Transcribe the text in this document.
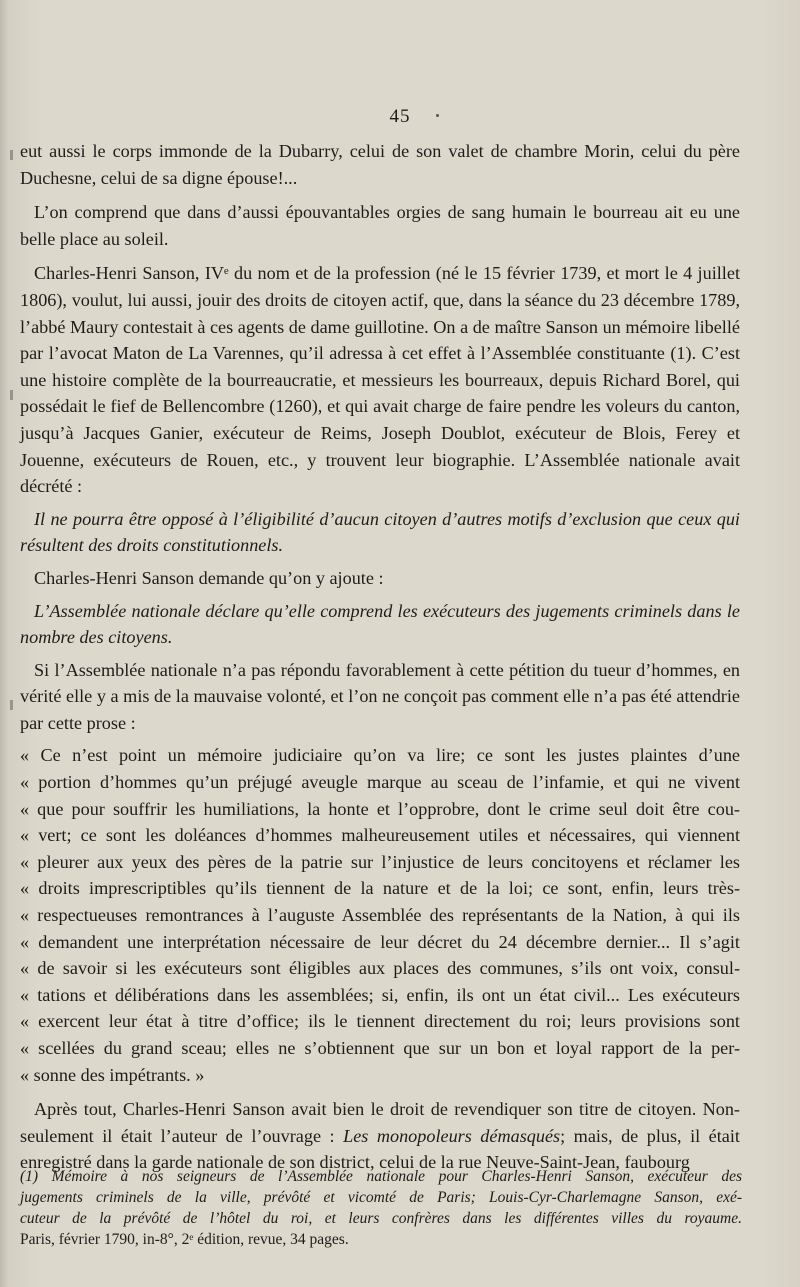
45

eut aussi le corps immonde de la Dubarry, celui de son valet de chambre Morin, celui du père Duchesne, celui de sa digne épouse!...

L’on comprend que dans d’aussi épouvantables orgies de sang humain le bourreau ait eu une belle place au soleil.

Charles-Henri Sanson, IVᵉ du nom et de la profession (né le 15 février 1739, et mort le 4 juillet 1806), voulut, lui aussi, jouir des droits de citoyen actif, que, dans la séance du 23 décembre 1789, l’abbé Maury contestait à ces agents de dame guillotine. On a de maître Sanson un mémoire libellé par l’avocat Maton de La Varennes, qu’il adressa à cet effet à l’Assemblée constituante (1). C’est une histoire complète de la bourreaucratie, et messieurs les bourreaux, depuis Richard Borel, qui possédait le fief de Bellencombre (1260), et qui avait charge de faire pendre les voleurs du canton, jusqu’à Jacques Ganier, exécuteur de Reims, Joseph Doublot, exécuteur de Blois, Ferey et Jouenne, exécuteurs de Rouen, etc., y trouvent leur biographie. L’Assemblée nationale avait décrété :

Il ne pourra être opposé à l’éligibilité d’aucun citoyen d’autres motifs d’exclusion que ceux qui résultent des droits constitutionnels.

Charles-Henri Sanson demande qu’on y ajoute :

L’Assemblée nationale déclare qu’elle comprend les exécuteurs des jugements criminels dans le nombre des citoyens.

Si l’Assemblée nationale n’a pas répondu favorablement à cette pétition du tueur d’hommes, en vérité elle y a mis de la mauvaise volonté, et l’on ne conçoit pas comment elle n’a pas été attendrie par cette prose :

« Ce n’est point un mémoire judiciaire qu’on va lire; ce sont les justes plaintes d’une
« portion d’hommes qu’un préjugé aveugle marque au sceau de l’infamie, et qui ne vivent
« que pour souffrir les humiliations, la honte et l’opprobre, dont le crime seul doit être cou-
« vert; ce sont les doléances d’hommes malheureusement utiles et nécessaires, qui viennent
« pleurer aux yeux des pères de la patrie sur l’injustice de leurs concitoyens et réclamer les
« droits imprescriptibles qu’ils tiennent de la nature et de la loi; ce sont, enfin, leurs très-
« respectueuses remontrances à l’auguste Assemblée des représentants de la Nation, à qui ils
« demandent une interprétation nécessaire de leur décret du 24 décembre dernier... Il s’agit
« de savoir si les exécuteurs sont éligibles aux places des communes, s’ils ont voix, consul-
« tations et délibérations dans les assemblées; si, enfin, ils ont un état civil... Les exécuteurs
« exercent leur état à titre d’office; ils le tiennent directement du roi; leurs provisions sont
« scellées du grand sceau; elles ne s’obtiennent que sur un bon et loyal rapport de la per-
« sonne des impétrants. »

Après tout, Charles-Henri Sanson avait bien le droit de revendiquer son titre de citoyen. Non-seulement il était l’auteur de l’ouvrage : Les monopoleurs démasqués; mais, de plus, il était enregistré dans la garde nationale de son district, celui de la rue Neuve-Saint-Jean, faubourg

(1) Mémoire à nos seigneurs de l’Assemblée nationale pour Charles-Henri Sanson, exécuteur des
jugements criminels de la ville, prévôté et vicomté de Paris; Louis-Cyr-Charlemagne Sanson, exé-
cuteur de la prévôté de l’hôtel du roi, et leurs confrères dans les différentes villes du royaume.
Paris, février 1790, in-8°, 2ᵉ édition, revue, 34 pages.
